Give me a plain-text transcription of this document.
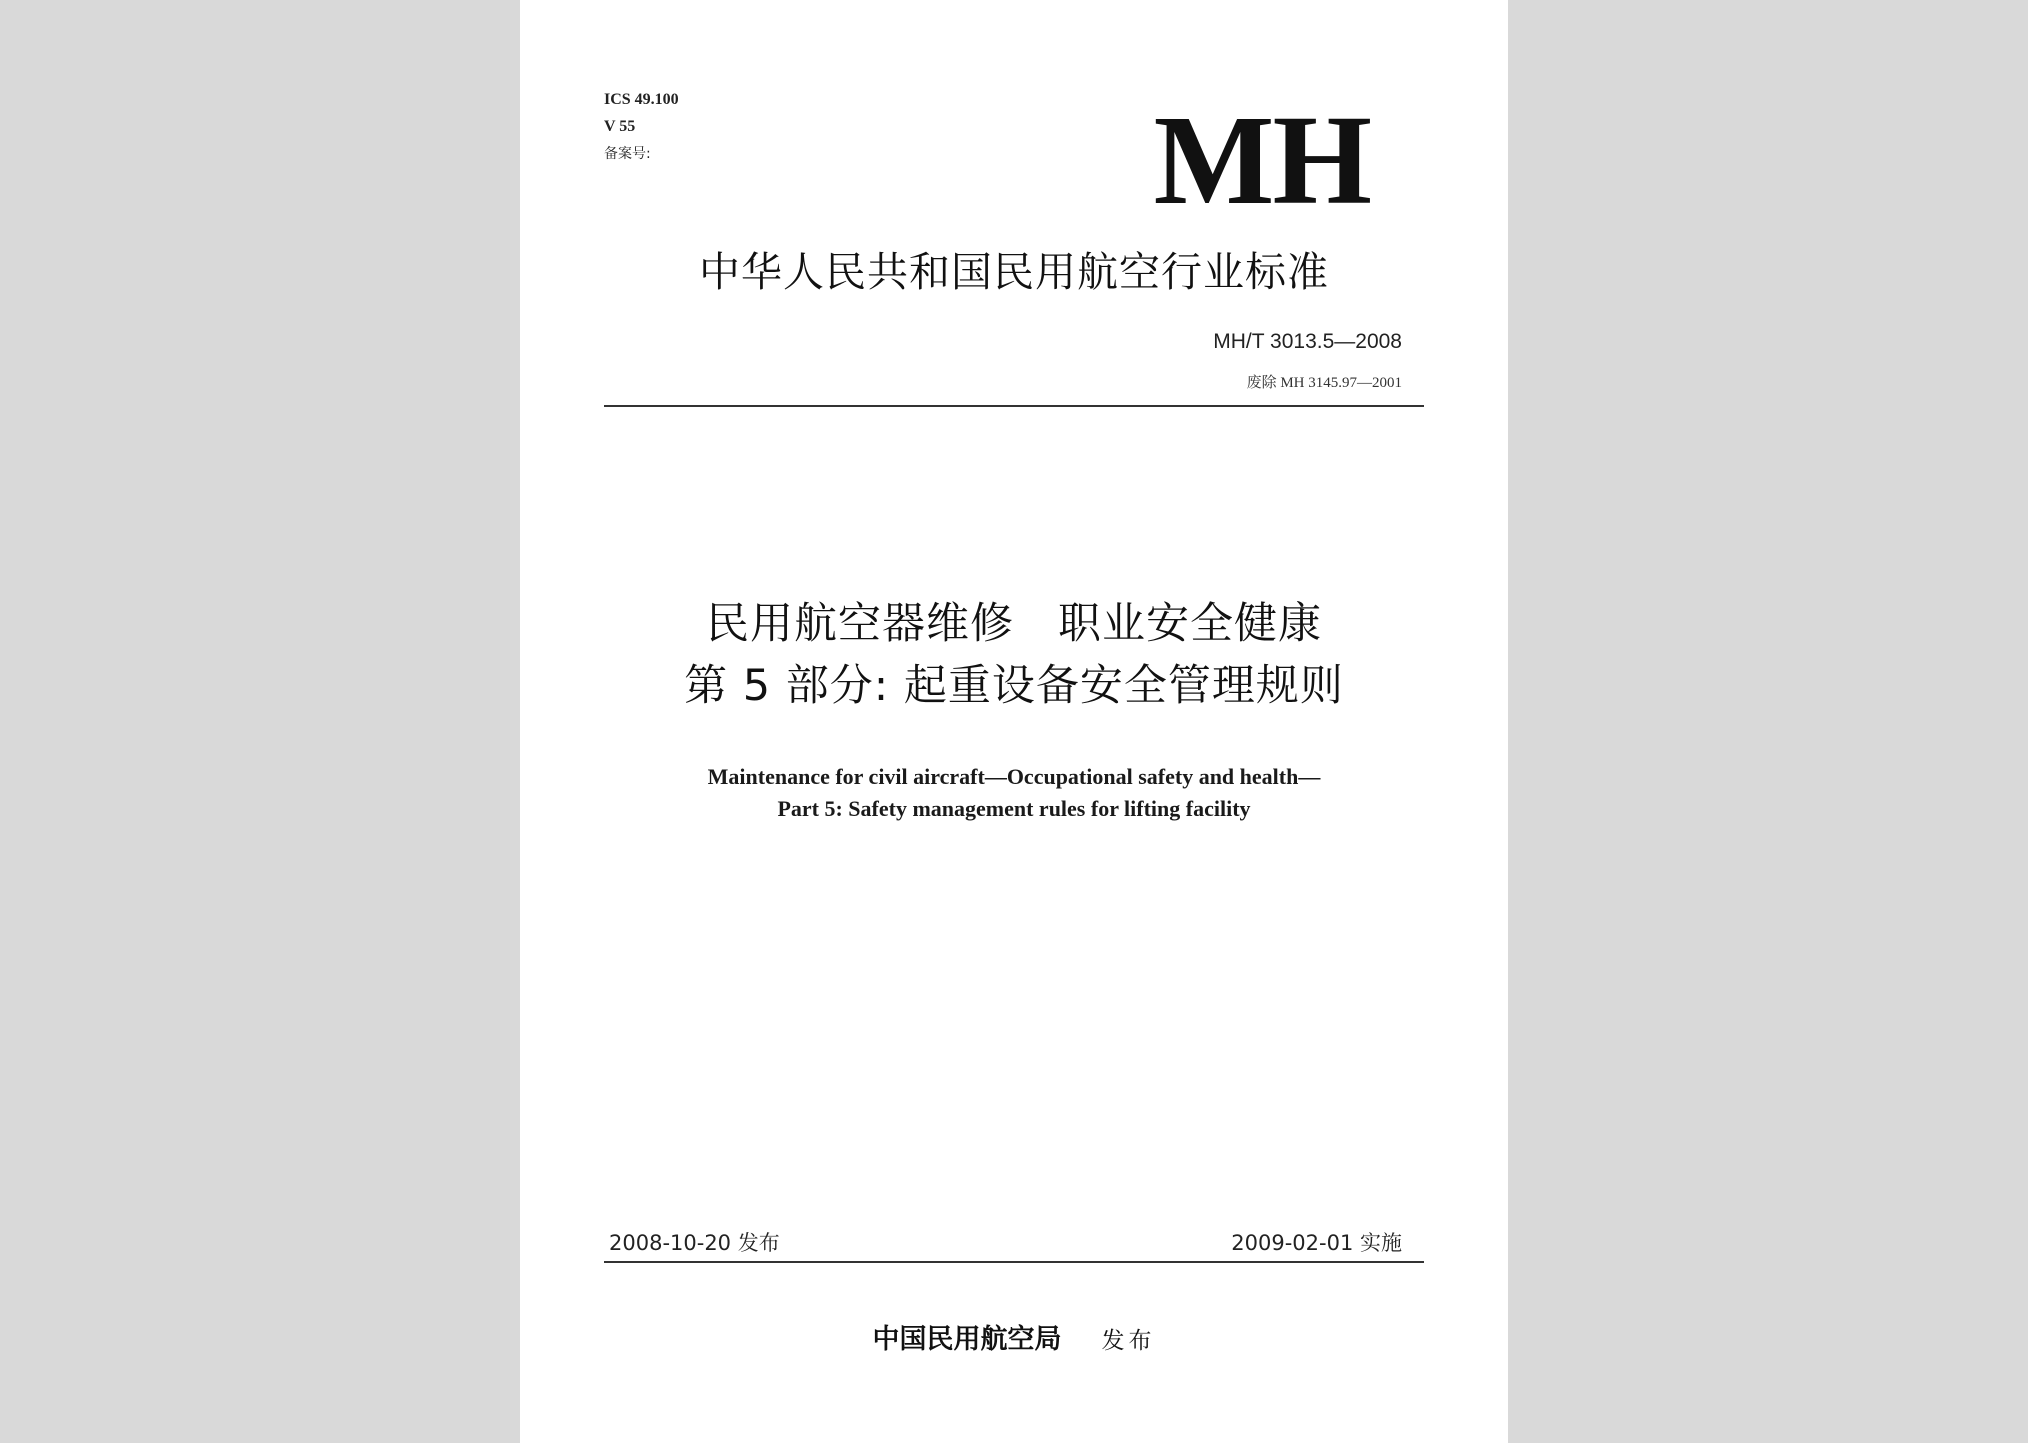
ICS 49.100
V 55
备案号:	MH
中华人民共和国民用航空行业标准
MH/T 3013.5—2008
废除 MH 3145.97—2001
民用航空器维修　职业安全健康
第 5 部分: 起重设备安全管理规则
Maintenance for civil aircraft—Occupational safety and health—
Part 5: Safety management rules for lifting facility
2008-10-20 发布	2009-02-01 实施
中国民用航空局 发布
